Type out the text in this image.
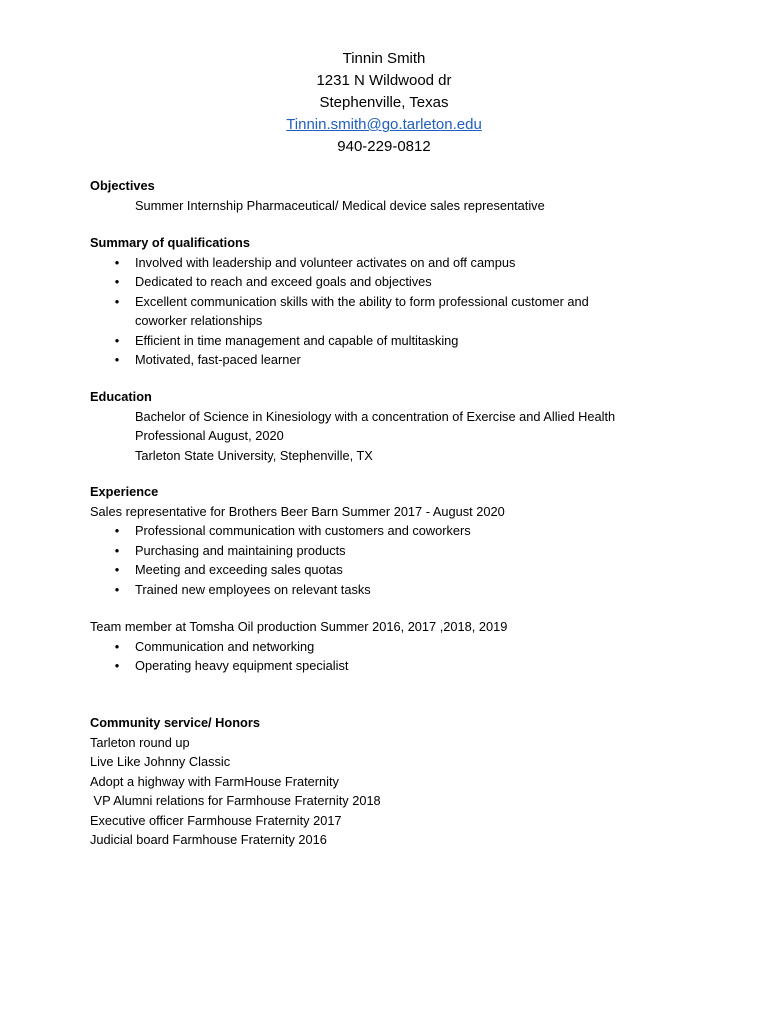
Tinnin Smith
1231 N Wildwood dr
Stephenville, Texas
Tinnin.smith@go.tarleton.edu
940-229-0812
Objectives
Summer Internship Pharmaceutical/ Medical device sales representative
Summary of qualifications
• Involved with leadership and volunteer activates on and off campus
• Dedicated to reach and exceed goals and objectives
• Excellent communication skills with the ability to form professional customer and
coworker relationships
• Efficient in time management and capable of multitasking
• Motivated, fast-paced learner
Education
Bachelor of Science in Kinesiology with a concentration of Exercise and Allied Health
Professional August, 2020
Tarleton State University, Stephenville, TX
Experience
Sales representative for Brothers Beer Barn Summer 2017 - August 2020
• Professional communication with customers and coworkers
• Purchasing and maintaining products
• Meeting and exceeding sales quotas
• Trained new employees on relevant tasks
Team member at Tomsha Oil production Summer 2016, 2017 ,2018, 2019
• Communication and networking
• Operating heavy equipment specialist
Community service/ Honors
Tarleton round up
Live Like Johnny Classic
Adopt a highway with FarmHouse Fraternity
VP Alumni relations for Farmhouse Fraternity 2018
Executive officer Farmhouse Fraternity 2017
Judicial board Farmhouse Fraternity 2016
